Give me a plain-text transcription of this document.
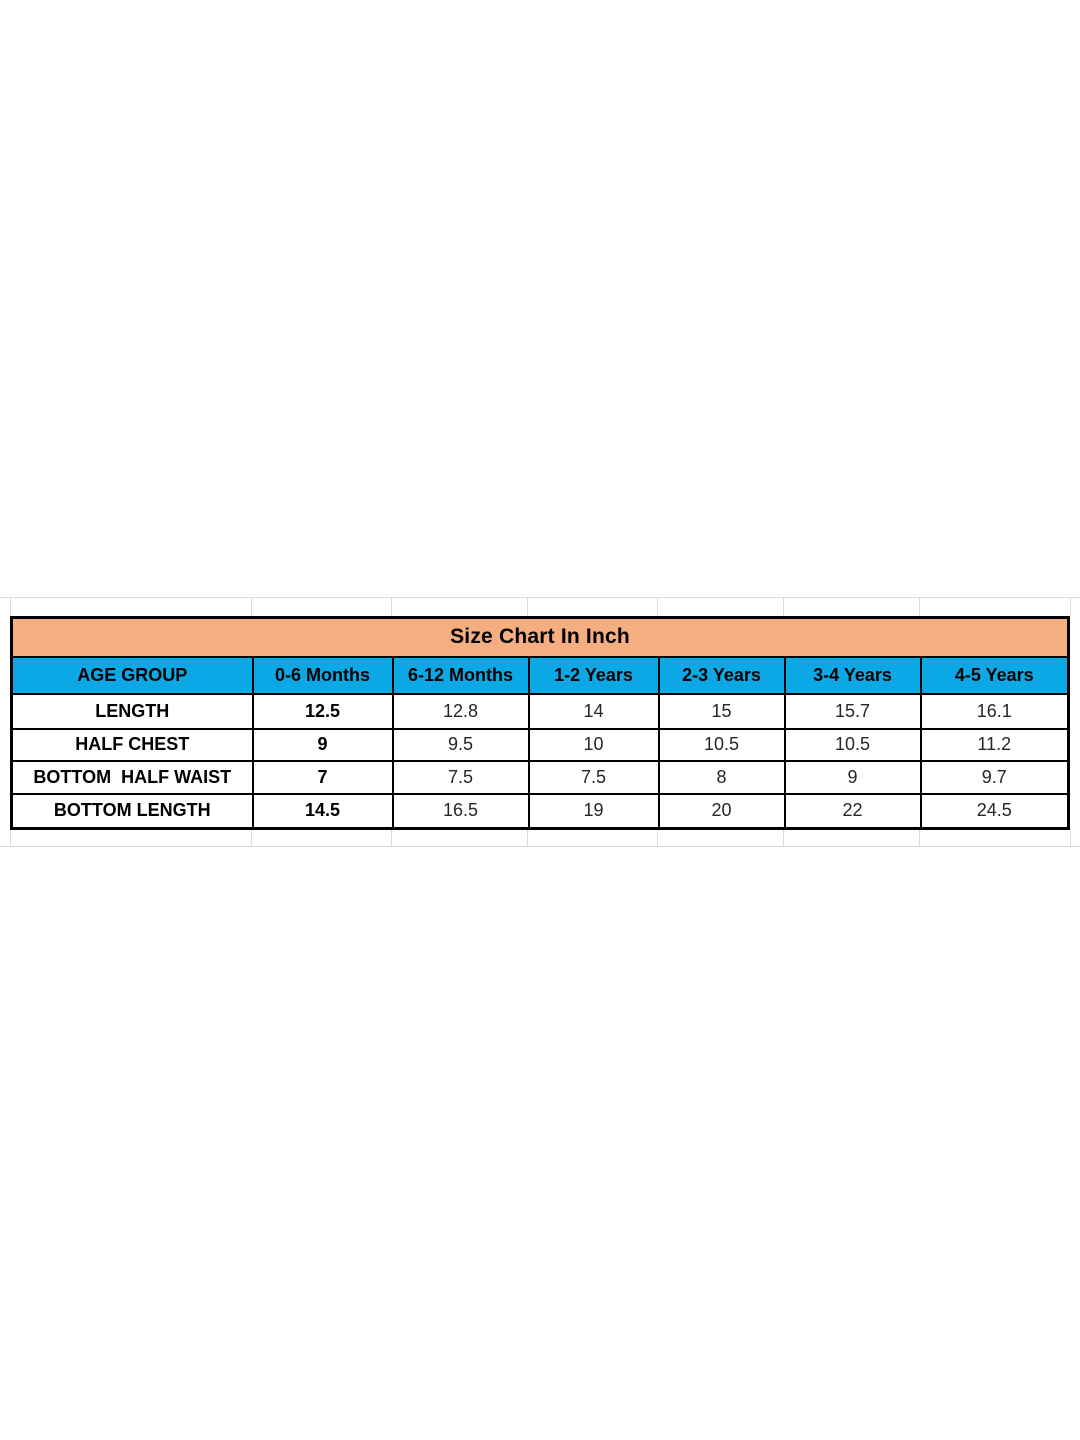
Size Chart In Inch						
AGE GROUP	0-6 Months	6-12 Months	1-2 Years	2-3 Years	3-4 Years	4-5 Years
LENGTH	12.5	12.8	14	15	15.7	16.1
HALF CHEST	9	9.5	10	10.5	10.5	11.2
BOTTOM  HALF WAIST	7	7.5	7.5	8	9	9.7
BOTTOM LENGTH	14.5	16.5	19	20	22	24.5
